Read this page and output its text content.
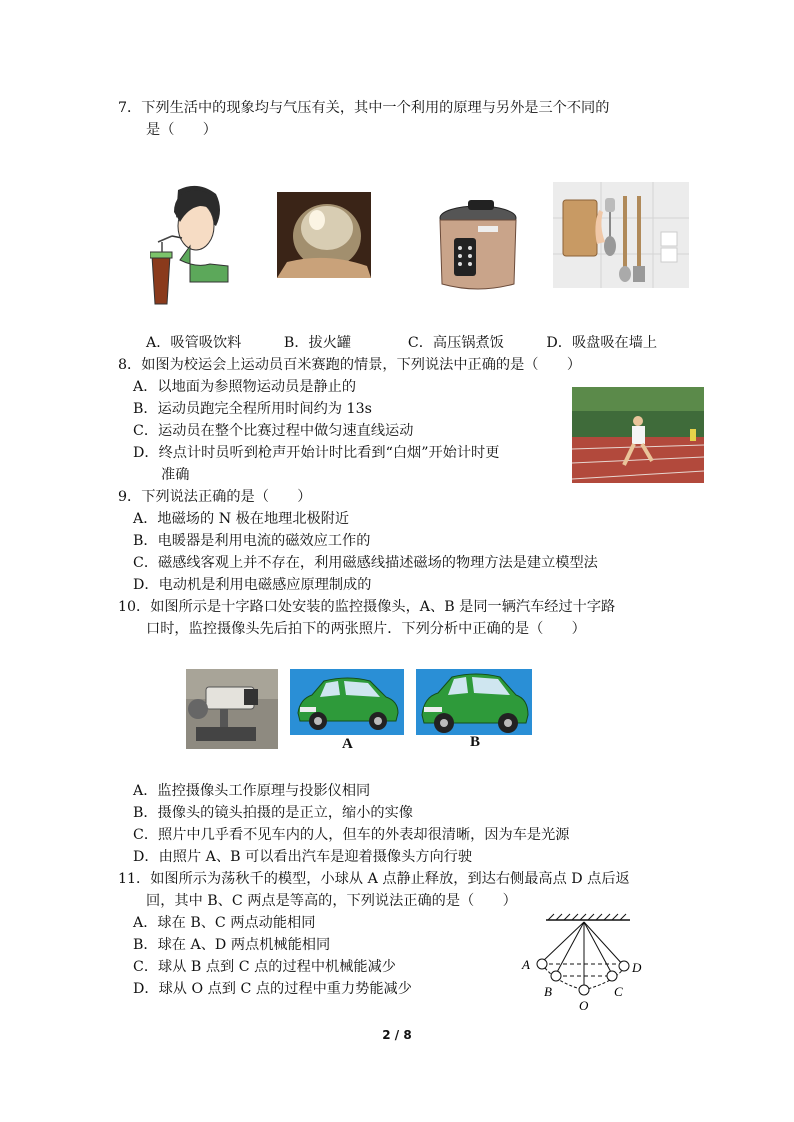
7．下列生活中的现象均与气压有关，其中一个利用的原理与另外是三个不同的
是（　　）
A．吸管吸饮料　　　B．拔火罐　　　　C．高压锅煮饭　　　D．吸盘吸在墙上
8．如图为校运会上运动员百米赛跑的情景，下列说法中正确的是（　　）
A．以地面为参照物运动员是静止的
B．运动员跑完全程所用时间约为 13s
C．运动员在整个比赛过程中做匀速直线运动
D．终点计时员听到枪声开始计时比看到“白烟”开始计时更
准确
9．下列说法正确的是（　　）
A．地磁场的 N 极在地理北极附近
B．电暖器是利用电流的磁效应工作的
C．磁感线客观上并不存在，利用磁感线描述磁场的物理方法是建立模型法
D．电动机是利用电磁感应原理制成的
10．如图所示是十字路口处安装的监控摄像头，A、B 是同一辆汽车经过十字路
口时，监控摄像头先后拍下的两张照片．下列分析中正确的是（　　）
A	B
A．监控摄像头工作原理与投影仪相同
B．摄像头的镜头拍摄的是正立，缩小的实像
C．照片中几乎看不见车内的人，但车的外表却很清晰，因为车是光源
D．由照片 A、B 可以看出汽车是迎着摄像头方向行驶
11．如图所示为荡秋千的模型，小球从 A 点静止释放，到达右侧最高点 D 点后返
回，其中 B、C 两点是等高的，下列说法正确的是（　　）
A．球在 B、C 两点动能相同
B．球在 A、D 两点机械能相同
C．球从 B 点到 C 点的过程中机械能减少
D．球从 O 点到 C 点的过程中重力势能减少
A
B
O
C
D
2 / 8
